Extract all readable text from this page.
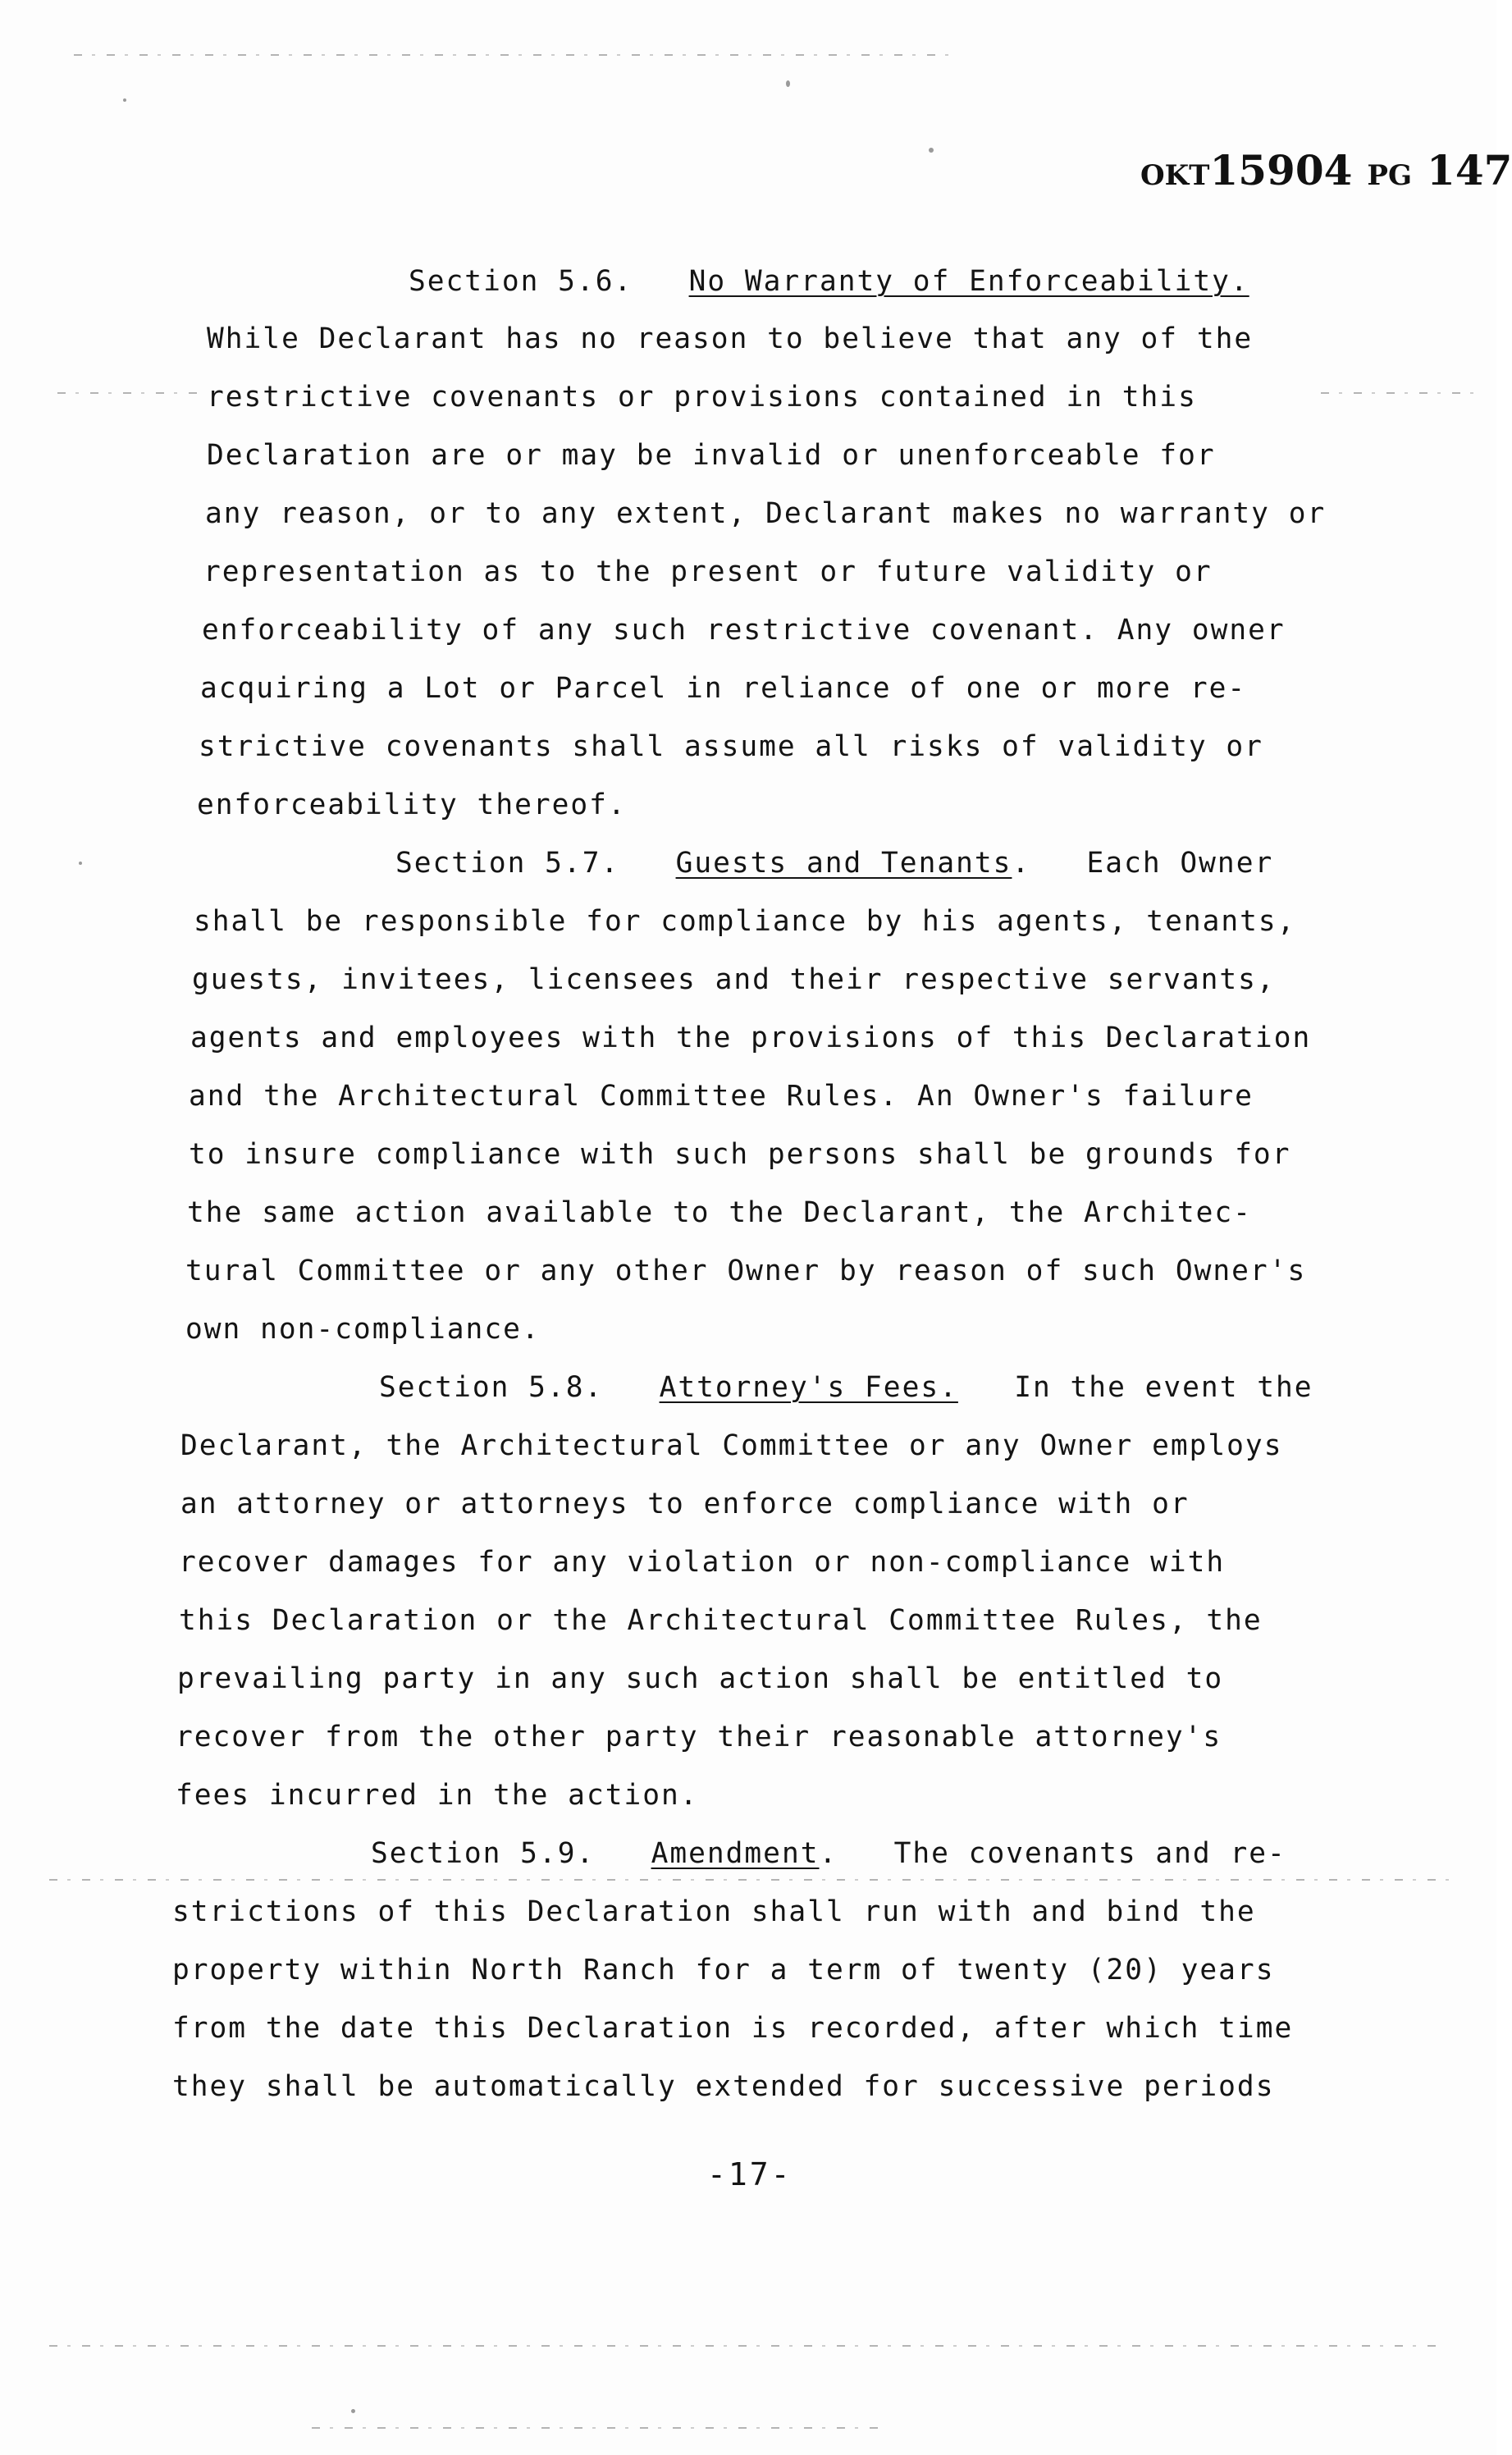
OKT15904 PG 147
Section 5.6. No Warranty of Enforceability.
While Declarant has no reason to believe that any of the
restrictive covenants or provisions contained in this
Declaration are or may be invalid or unenforceable for
any reason, or to any extent, Declarant makes no warranty or
representation as to the present or future validity or
enforceability of any such restrictive covenant. Any owner
acquiring a Lot or Parcel in reliance of one or more re-
strictive covenants shall assume all risks of validity or
enforceability thereof.
Section 5.7. Guests and Tenants. Each Owner
shall be responsible for compliance by his agents, tenants,
guests, invitees, licensees and their respective servants,
agents and employees with the provisions of this Declaration
and the Architectural Committee Rules. An Owner's failure
to insure compliance with such persons shall be grounds for
the same action available to the Declarant, the Architec-
tural Committee or any other Owner by reason of such Owner's
own non-compliance.
Section 5.8. Attorney's Fees. In the event the
Declarant, the Architectural Committee or any Owner employs
an attorney or attorneys to enforce compliance with or
recover damages for any violation or non-compliance with
this Declaration or the Architectural Committee Rules, the
prevailing party in any such action shall be entitled to
recover from the other party their reasonable attorney's
fees incurred in the action.
Section 5.9. Amendment. The covenants and re-
strictions of this Declaration shall run with and bind the
property within North Ranch for a term of twenty (20) years
from the date this Declaration is recorded, after which time
they shall be automatically extended for successive periods
-17-
